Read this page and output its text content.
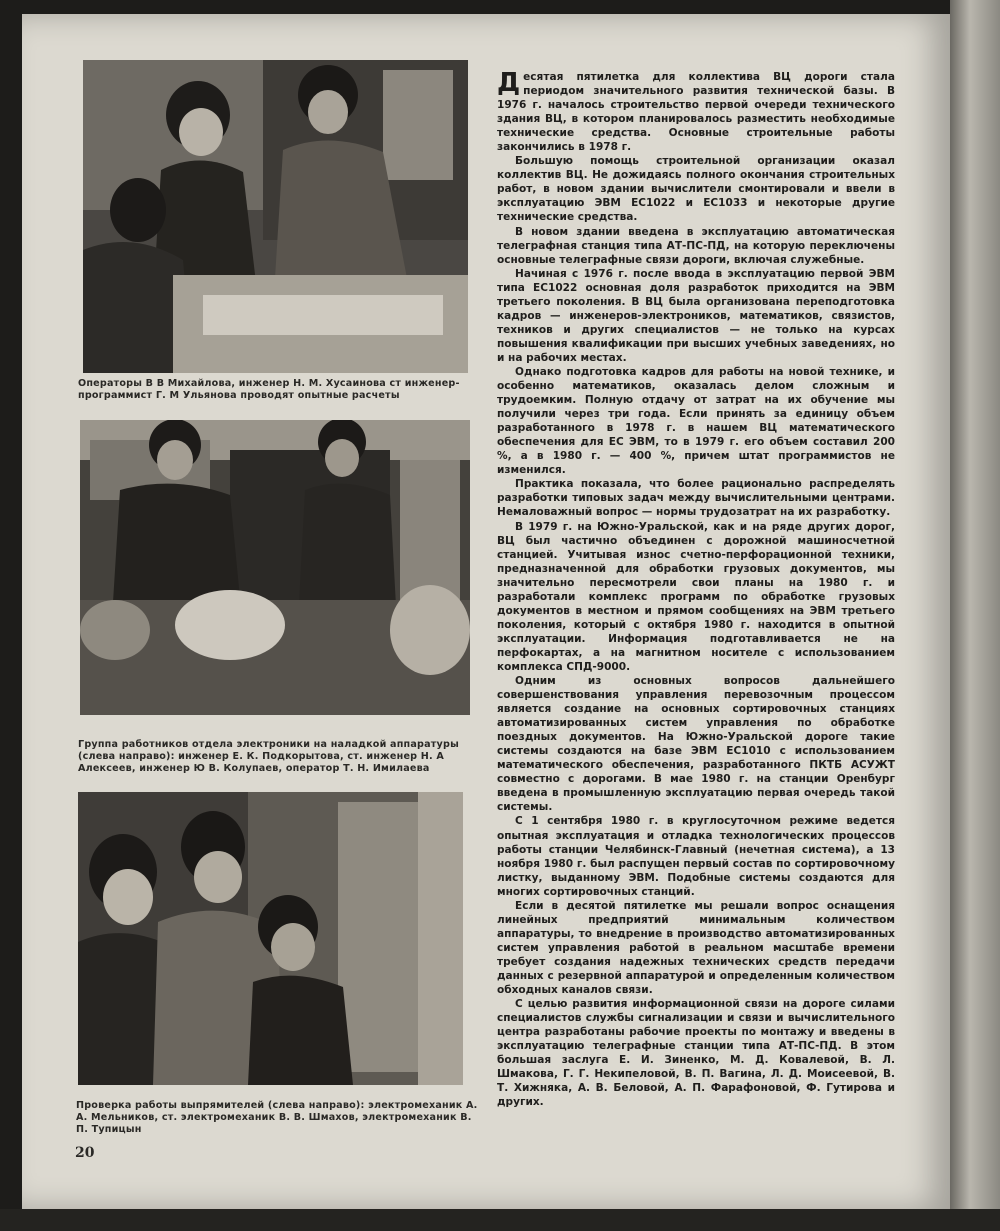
Операторы В В Михайлова, инженер Н. М. Хусаинова ст инженер-программист Г. М Ульянова проводят опытные расчеты
Группа работников отдела электроники на наладкой аппаратуры (слева направо): инженер Е. К. Подкорытова, ст. инженер Н. А Алексеев, инженер Ю В. Колупаев, оператор Т. Н. Имилаева
Проверка работы выпрямителей (слева направо): электромеханик А. А. Мельников, ст. электромеханик В. В. Шмахов, электромеханик В. П. Тупицын

Десятая пятилетка для коллектива ВЦ дороги стала периодом значительного развития технической базы. В 1976 г. началось строительство первой очереди технического здания ВЦ, в котором планировалось разместить необходимые технические средства. Основные строительные работы закончились в 1978 г.

Большую помощь строительной организации оказал коллектив ВЦ. Не дожидаясь полного окончания строительных работ, в новом здании вычислители смонтировали и ввели в эксплуатацию ЭВМ ЕС1022 и ЕС1033 и некоторые другие технические средства.

В новом здании введена в эксплуатацию автоматическая телеграфная станция типа АТ-ПС-ПД, на которую переключены основные телеграфные связи дороги, включая служебные.

Начиная с 1976 г. после ввода в эксплуатацию первой ЭВМ типа ЕС1022 основная доля разработок приходится на ЭВМ третьего поколения. В ВЦ была организована переподготовка кадров — инженеров-электроников, математиков, связистов, техников и других специалистов — не только на курсах повышения квалификации при высших учебных заведениях, но и на рабочих местах.

Однако подготовка кадров для работы на новой технике, и особенно математиков, оказалась делом сложным и трудоемким. Полную отдачу от затрат на их обучение мы получили через три года. Если принять за единицу объем разработанного в 1978 г. в нашем ВЦ математического обеспечения для ЕС ЭВМ, то в 1979 г. его объем составил 200 %, а в 1980 г. — 400 %, причем штат программистов не изменился.

Практика показала, что более рационально распределять разработки типовых задач между вычислительными центрами. Немаловажный вопрос — нормы трудозатрат на их разработку.

В 1979 г. на Южно-Уральской, как и на ряде других дорог, ВЦ был частично объединен с дорожной машиносчетной станцией. Учитывая износ счетно-перфорационной техники, предназначенной для обработки грузовых документов, мы значительно пересмотрели свои планы на 1980 г. и разработали комплекс программ по обработке грузовых документов в местном и прямом сообщениях на ЭВМ третьего поколения, который с октября 1980 г. находится в опытной эксплуатации. Информация подготавливается не на перфокартах, а на магнитном носителе с использованием комплекса СПД-9000.

Одним из основных вопросов дальнейшего совершенствования управления перевозочным процессом является создание на основных сортировочных станциях автоматизированных систем управления по обработке поездных документов. На Южно-Уральской дороге такие системы создаются на базе ЭВМ ЕС1010 с использованием математического обеспечения, разработанного ПКТБ АСУЖТ совместно с дорогами. В мае 1980 г. на станции Оренбург введена в промышленную эксплуатацию первая очередь такой системы.

С 1 сентября 1980 г. в круглосуточном режиме ведется опытная эксплуатация и отладка технологических процессов работы станции Челябинск-Главный (нечетная система), а 13 ноября 1980 г. был распущен первый состав по сортировочному листку, выданному ЭВМ. Подобные системы создаются для многих сортировочных станций.

Если в десятой пятилетке мы решали вопрос оснащения линейных предприятий минимальным количеством аппаратуры, то внедрение в производство автоматизированных систем управления работой в реальном масштабе времени требует создания надежных технических средств передачи данных с резервной аппаратурой и определенным количеством обходных каналов связи.

С целью развития информационной связи на дороге силами специалистов службы сигнализации и связи и вычислительного центра разработаны рабочие проекты по монтажу и введены в эксплуатацию телеграфные станции типа АТ-ПС-ПД. В этом большая заслуга Е. И. Зиненко, М. Д. Ковалевой, В. Л. Шмакова, Г. Г. Некипеловой, В. П. Вагина, Л. Д. Моисеевой, В. Т. Хижняка, А. В. Беловой, А. П. Фарафоновой, Ф. Гутирова и других.

20
